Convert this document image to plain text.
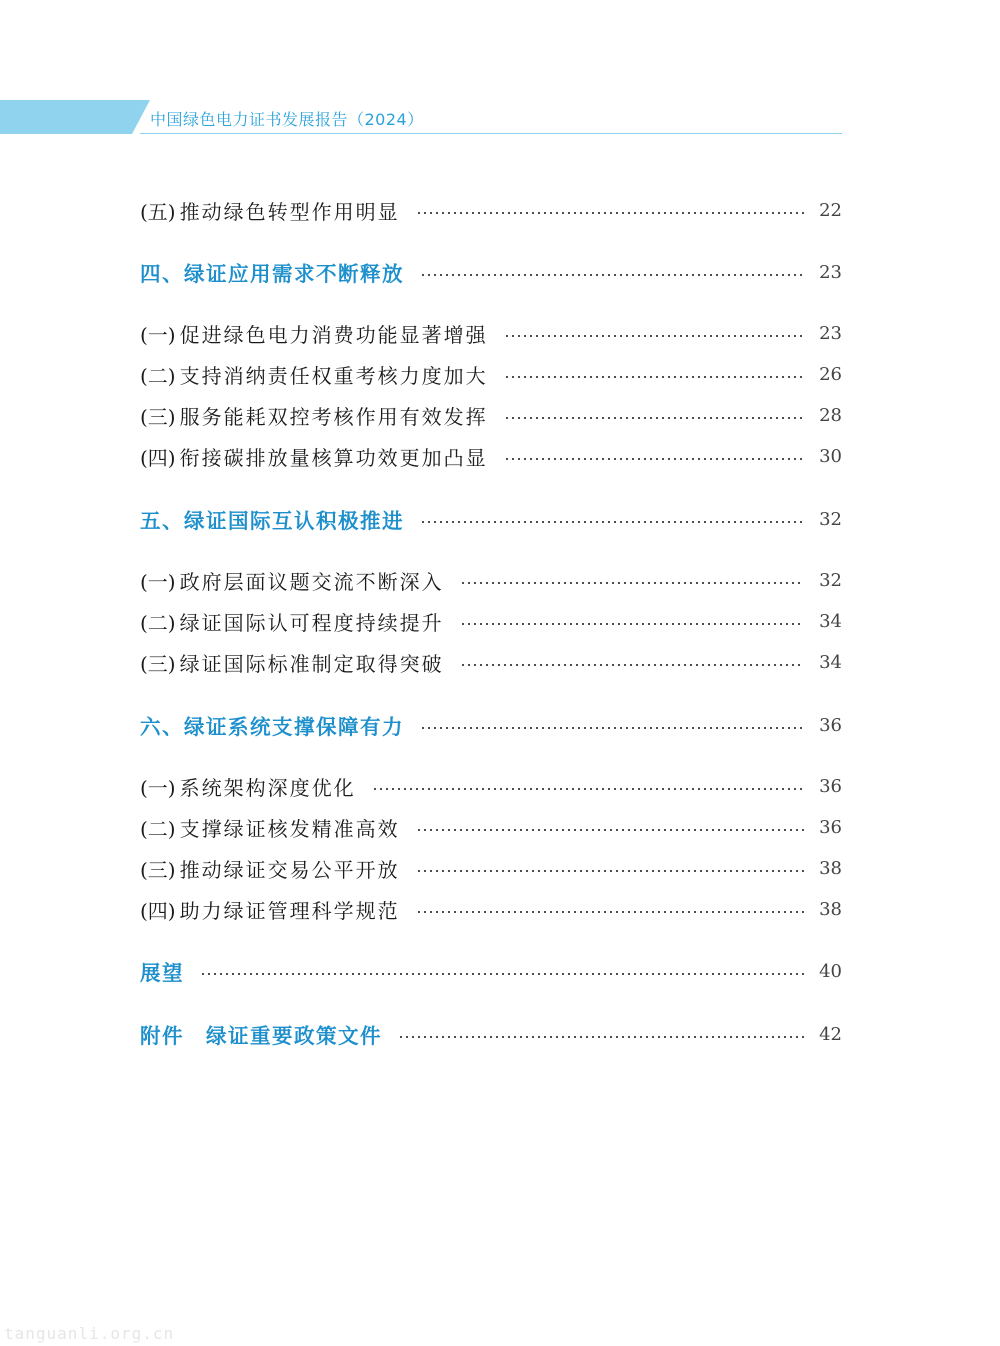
中国绿色电力证书发展报告（2024）
(五) 推动绿色转型作用明显	22
四、绿证应用需求不断释放	23
(一) 促进绿色电力消费功能显著增强	23
(二) 支持消纳责任权重考核力度加大	26
(三) 服务能耗双控考核作用有效发挥	28
(四) 衔接碳排放量核算功效更加凸显	30
五、绿证国际互认积极推进	32
(一) 政府层面议题交流不断深入	32
(二) 绿证国际认可程度持续提升	34
(三) 绿证国际标准制定取得突破	34
六、绿证系统支撑保障有力	36
(一) 系统架构深度优化	36
(二) 支撑绿证核发精准高效	36
(三) 推动绿证交易公平开放	38
(四) 助力绿证管理科学规范	38
展望	40
附件　绿证重要政策文件	42
tanguanli.org.cn
